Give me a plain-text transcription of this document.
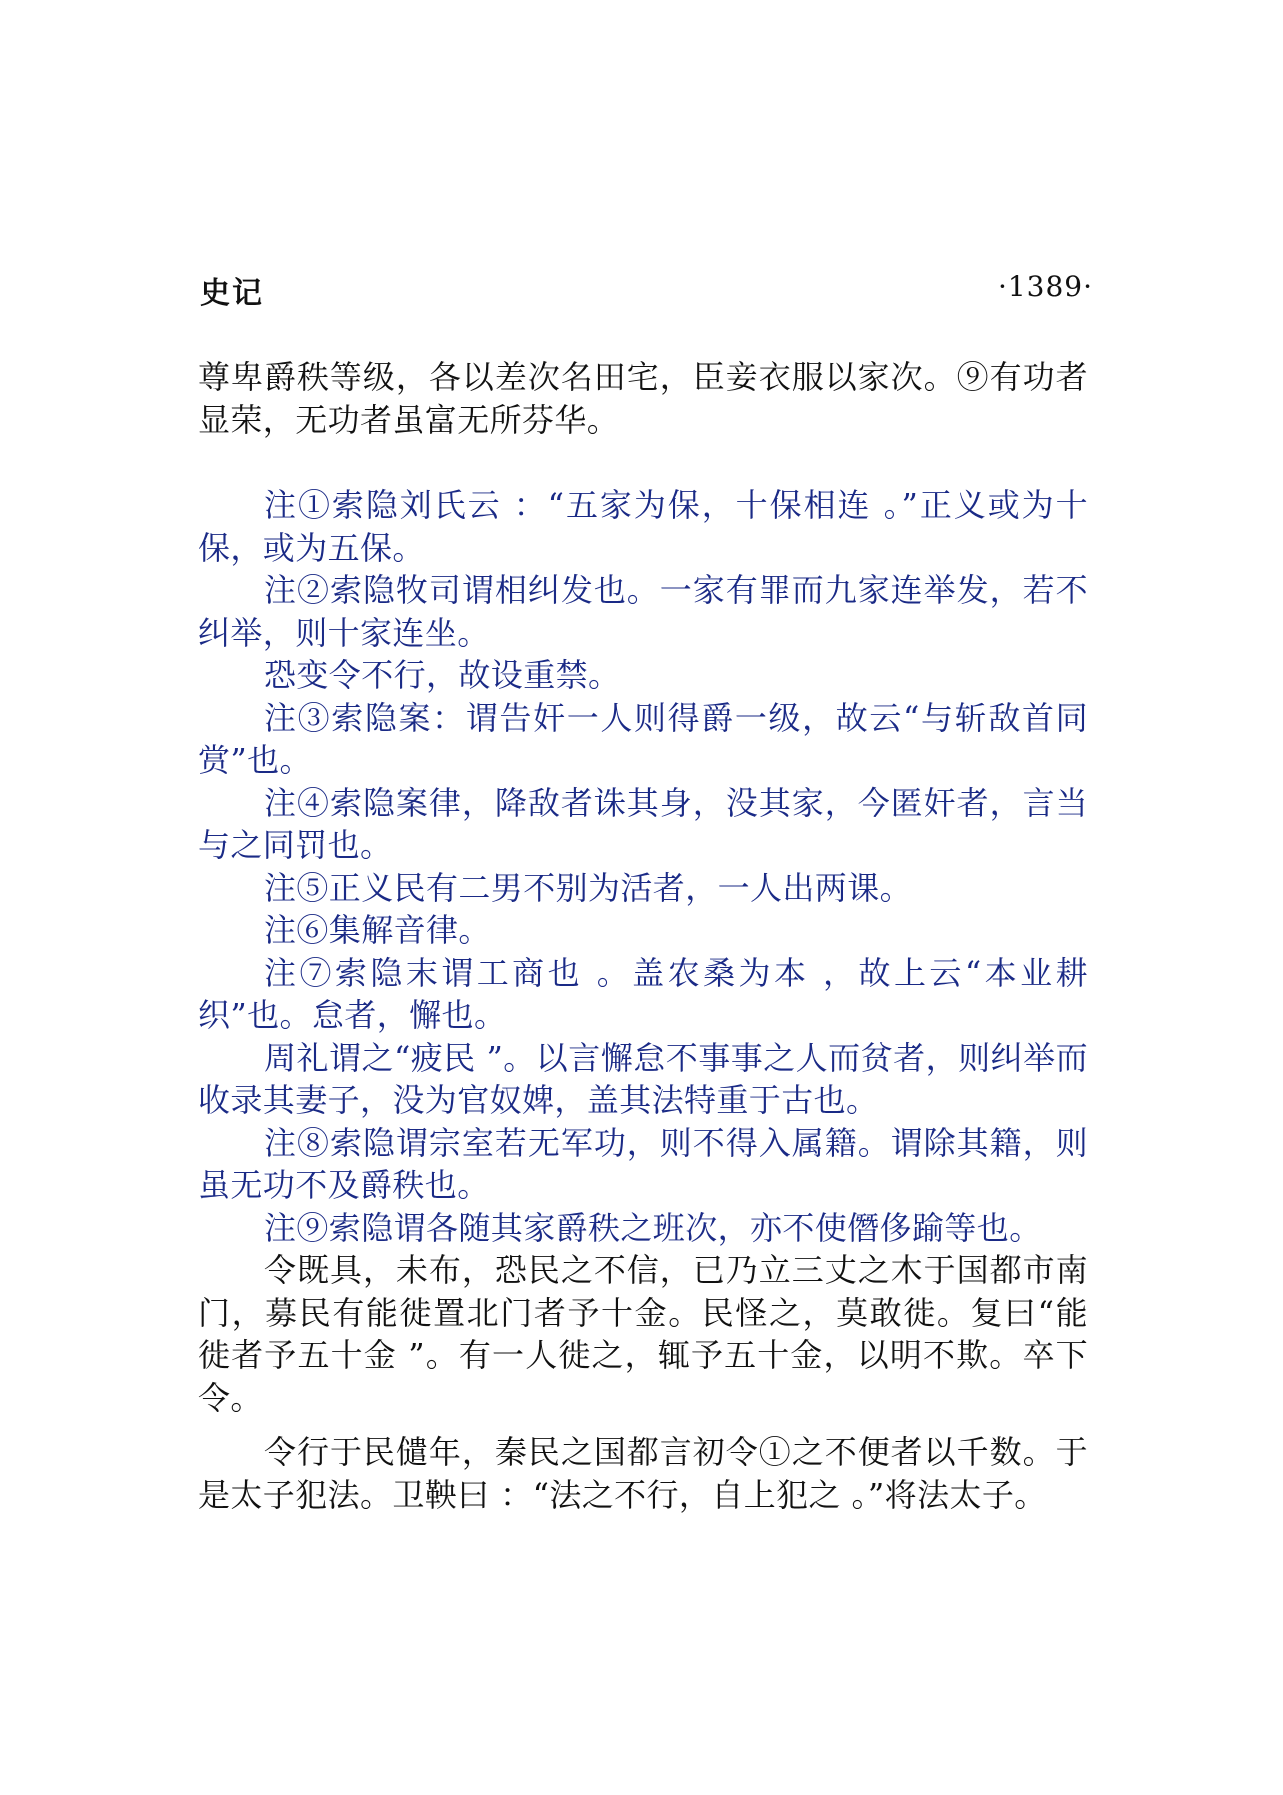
史记	·1389·

尊卑爵秩等级，各以差次名田宅，臣妾衣服以家次。⑨有功者显荣，无功者虽富无所芬华。

注①索隐刘氏云 ：“五家为保，十保相连 。”正义或为十保，或为五保。

注②索隐牧司谓相纠发也。一家有罪而九家连举发，若不纠举，则十家连坐。

恐变令不行，故设重禁。

注③索隐案：谓告奸一人则得爵一级，故云“与斩敌首同赏”也。

注④索隐案律，降敌者诛其身，没其家，今匿奸者，言当与之同罚也。

注⑤正义民有二男不别为活者，一人出两课。

注⑥集解音律。

注⑦索隐末谓工商也 。盖农桑为本 ，故上云“本业耕织”也。怠者，懈也。

周礼谓之“疲民 ”。以言懈怠不事事之人而贫者，则纠举而收录其妻子，没为官奴婢，盖其法特重于古也。

注⑧索隐谓宗室若无军功，则不得入属籍。谓除其籍，则虽无功不及爵秩也。

注⑨索隐谓各随其家爵秩之班次，亦不使僭侈踰等也。

令既具，未布，恐民之不信，已乃立三丈之木于国都市南门，募民有能徙置北门者予十金。民怪之，莫敢徙。复曰“能徙者予五十金 ”。有一人徙之，辄予五十金，以明不欺。卒下令。

令行于民儙年，秦民之国都言初令①之不便者以千数。于是太子犯法。卫鞅曰 ：“法之不行，自上犯之 。”将法太子。
